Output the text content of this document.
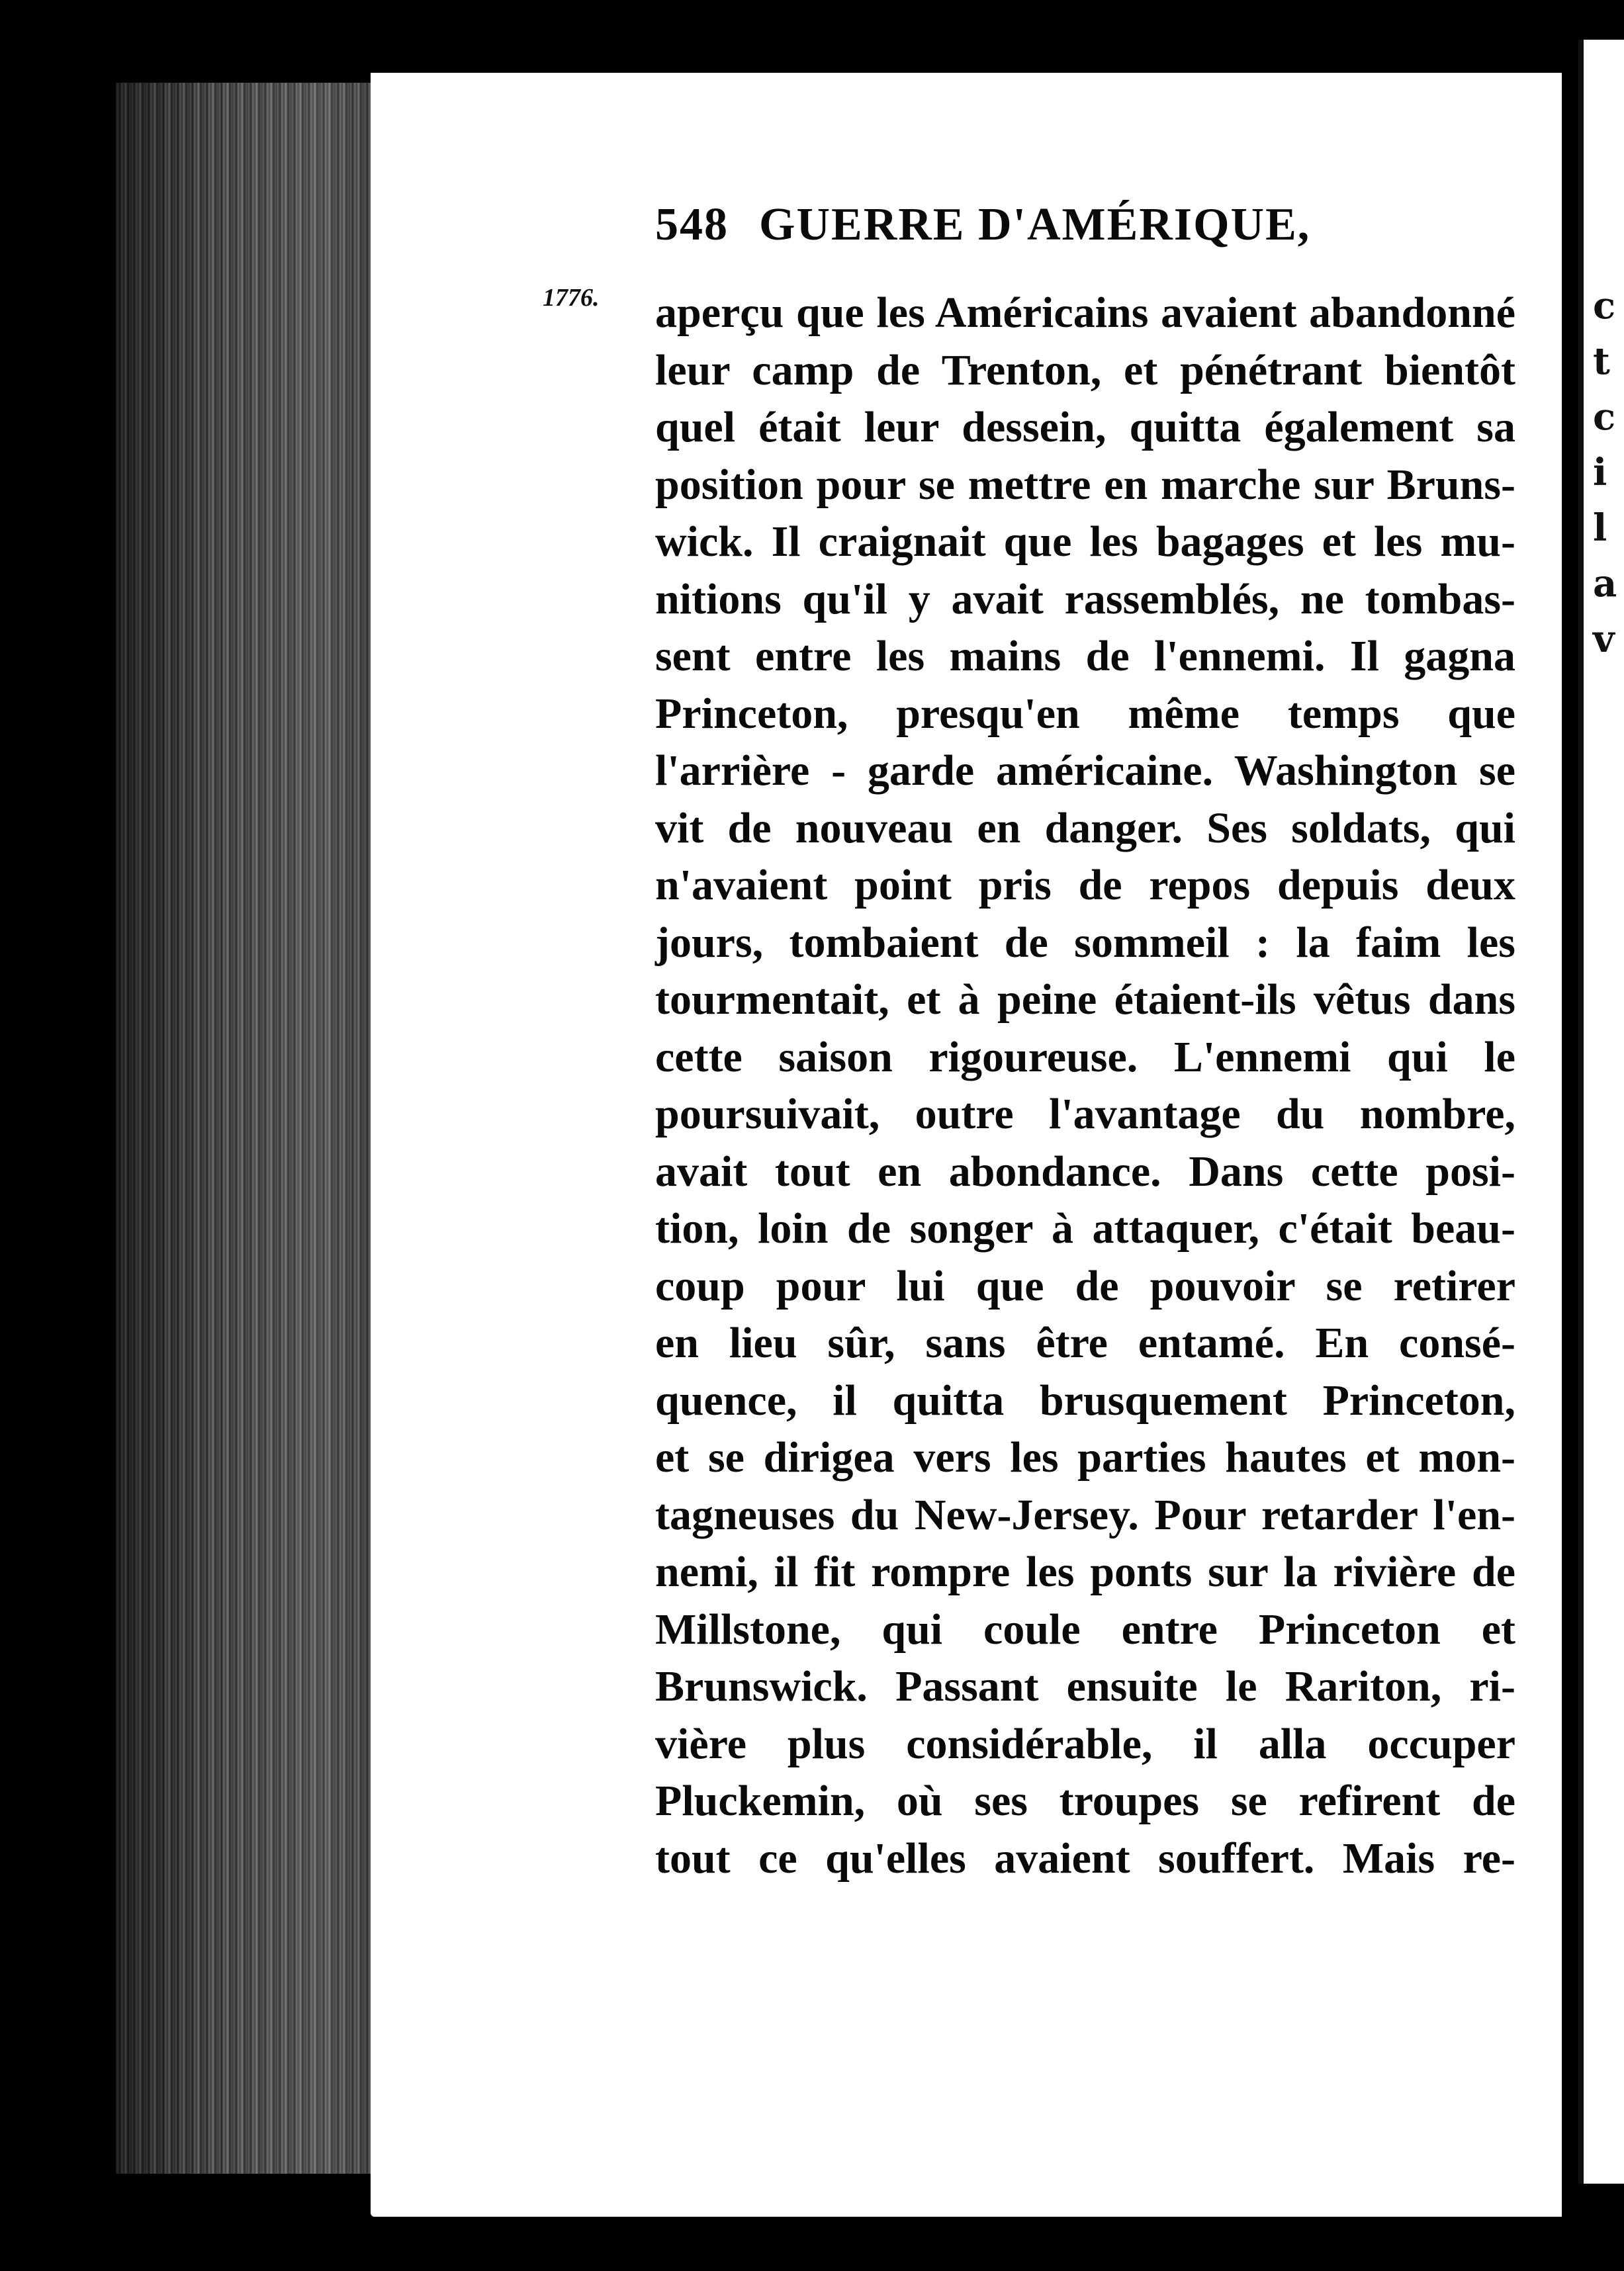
c
t
c
i
l
a
v
548 GUERRE D'AMÉRIQUE,
1776. aperçu que les Américains avaient abandonné
leur camp de Trenton, et pénétrant bientôt
quel était leur dessein, quitta également sa
position pour se mettre en marche sur Bruns-
wick. Il craignait que les bagages et les mu-
nitions qu'il y avait rassemblés, ne tombas-
sent entre les mains de l'ennemi. Il gagna
Princeton, presqu'en même temps que
l'arrière - garde américaine. Washington se
vit de nouveau en danger. Ses soldats, qui
n'avaient point pris de repos depuis deux
jours, tombaient de sommeil : la faim les
tourmentait, et à peine étaient-ils vêtus dans
cette saison rigoureuse. L'ennemi qui le
poursuivait, outre l'avantage du nombre,
avait tout en abondance. Dans cette posi-
tion, loin de songer à attaquer, c'était beau-
coup pour lui que de pouvoir se retirer
en lieu sûr, sans être entamé. En consé-
quence, il quitta brusquement Princeton,
et se dirigea vers les parties hautes et mon-
tagneuses du New-Jersey. Pour retarder l'en-
nemi, il fit rompre les ponts sur la rivière de
Millstone, qui coule entre Princeton et
Brunswick. Passant ensuite le Rariton, ri-
vière plus considérable, il alla occuper
Pluckemin, où ses troupes se refirent de
tout ce qu'elles avaient souffert. Mais re-
